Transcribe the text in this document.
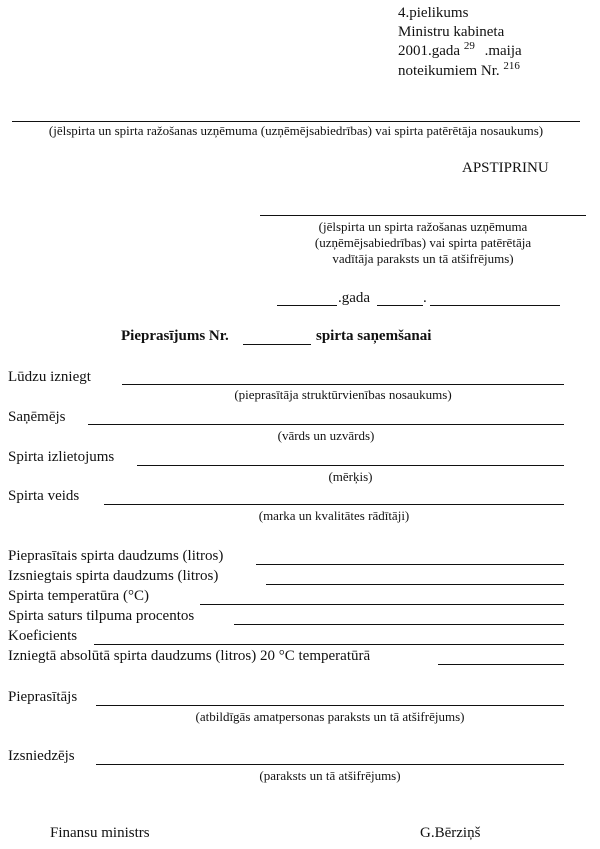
4.pielikums
Ministru kabineta
2001.gada $^{29}$ .maija
noteikumiem Nr. $^{216}$
(jēlspirta un spirta ražošanas uzņēmuma (uzņēmējsabiedrības) vai spirta patērētāja nosaukums)
APSTIPRINU
(jēlspirta un spirta ražošanas uzņēmuma
(uzņēmējsabiedrības) vai spirta patērētāja
vadītāja paraksts un tā atšifrējums)
.gada	.
Pieprasījums Nr.	spirta saņemšanai
Lūdzu izniegt
(pieprasītāja struktūrvienības nosaukums)
Saņēmējs
(vārds un uzvārds)
Spirta izlietojums
(mērķis)
Spirta veids
(marka un kvalitātes rādītāji)
Pieprasītais spirta daudzums (litros)
Izsniegtais spirta daudzums (litros)
Spirta temperatūra (°C)
Spirta saturs tilpuma procentos
Koeficients
Izniegtā absolūtā spirta daudzums (litros) 20 °C temperatūrā
Pieprasītājs
(atbildīgās amatpersonas paraksts un tā atšifrējums)
Izsniedzējs
(paraksts un tā atšifrējums)
Finansu ministrs	G.Bērziņš
